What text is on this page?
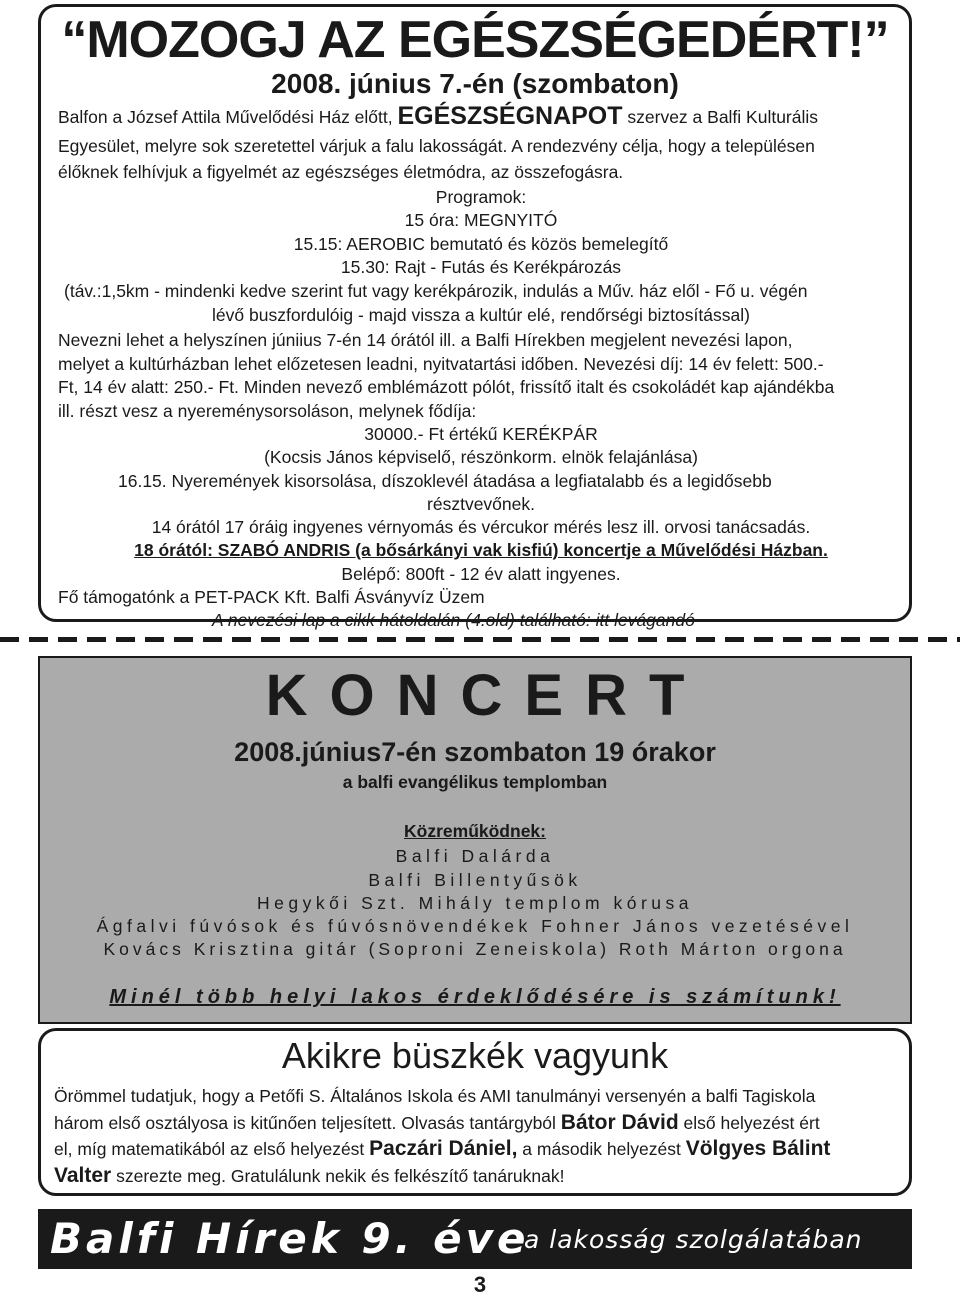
“MOZOGJ AZ EGÉSZSÉGEDÉRT!”
2008. június 7.-én (szombaton)
Balfon a József Attila Művelődési Ház előtt, EGÉSZSÉGNAPOT szervez a Balfi Kulturális
Egyesület, melyre sok szeretettel várjuk a falu lakosságát. A rendezvény célja, hogy a településen
élőknek felhívjuk a figyelmét az egészséges életmódra, az összefogásra.
Programok:
15 óra: MEGNYITÓ
15.15: AEROBIC bemutató és közös bemelegítő
15.30: Rajt - Futás és Kerékpározás
(táv.:1,5km - mindenki kedve szerint fut vagy kerékpározik, indulás a Műv. ház elől - Fő u. végén
lévő buszfordulóig - majd vissza a kultúr elé, rendőrségi biztosítással)
Nevezni lehet a helyszínen júniius 7-én 14 órától ill. a Balfi Hírekben megjelent nevezési lapon,
melyet a kultúrházban lehet előzetesen leadni, nyitvatartási időben. Nevezési díj: 14 év felett: 500.-
Ft, 14 év alatt: 250.- Ft. Minden nevező emblémázott pólót, frissítő italt és csokoládét kap ajándékba
ill. részt vesz a nyereménysorsoláson, melynek fődíja:
30000.- Ft értékű KERÉKPÁR
(Kocsis János képviselő, részönkorm. elnök felajánlása)
16.15. Nyeremények kisorsolása, díszoklevél átadása a legfiatalabb és a legidősebb
résztvevőnek.
14 órától 17 óráig ingyenes vérnyomás és vércukor mérés lesz ill. orvosi tanácsadás.
18 órától: SZABÓ ANDRIS (a bősárkányi vak kisfiú) koncertje a Művelődési Házban.
Belépő: 800ft - 12 év alatt ingyenes.
Fő támogatónk a PET-PACK Kft. Balfi Ásványvíz Üzem
A nevezési lap a cikk hátoldalán (4.old) található: itt levágandó
KONCERT
2008.június7-én szombaton 19 órakor
a balfi evangélikus templomban
Közreműködnek:
Balfi Dalárda
Balfi Billentyűsök
Hegykői Szt. Mihály templom kórusa
Ágfalvi fúvósok és fúvósnövendékek Fohner János vezetésével
Kovács Krisztina gitár (Soproni Zeneiskola) Roth Márton orgona
Minél több helyi lakos érdeklődésére is számítunk!
Akikre büszkék vagyunk
Örömmel tudatjuk, hogy a Petőfi S. Általános Iskola és AMI tanulmányi versenyén a balfi Tagiskola
három első osztályosa is kitűnően teljesített. Olvasás tantárgyból Bátor Dávid első helyezést ért
el, míg matematikából az első helyezést Paczári Dániel, a második helyezést Völgyes Bálint
Valter szerezte meg. Gratulálunk nekik és felkészítő tanáruknak!
Balfi Hírek 9. éve
a lakosság szolgálatában
3
